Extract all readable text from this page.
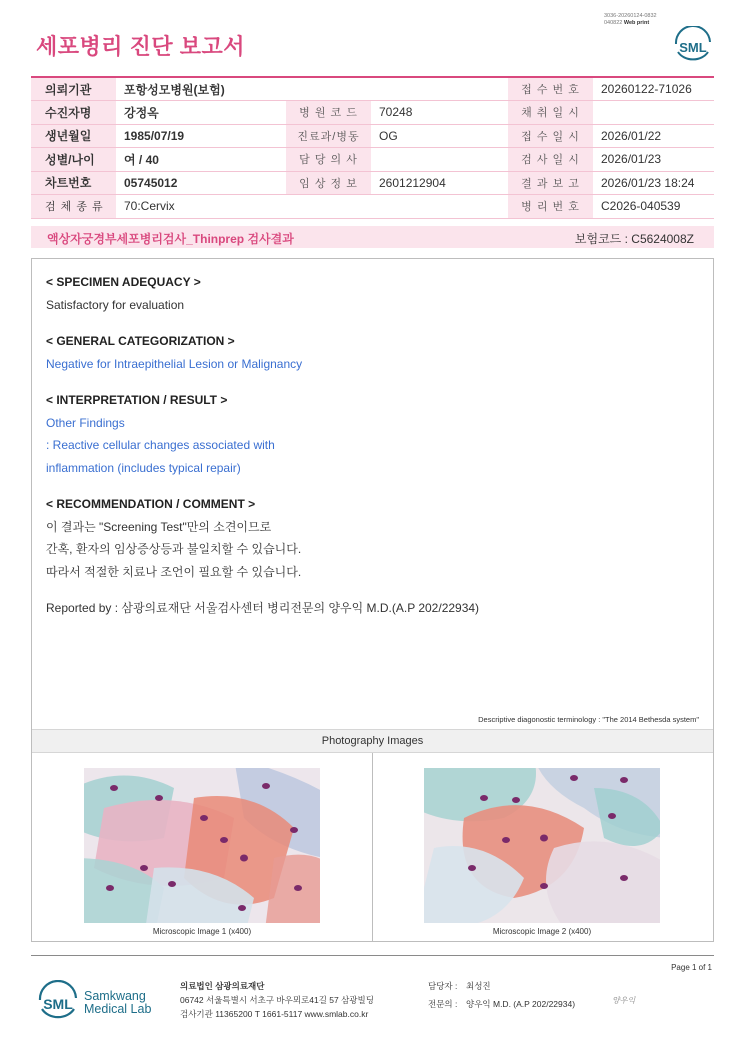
3036-20260124-0832
040822 Web print
세포병리 진단 보고서	SML
의뢰기관	포항성모병원(보험)			접 수 번 호	20260122-71026
수진자명	강정옥	병 원 코 드	70248	채 취 일 시	
생년월일	1985/07/19	진료과/병동	OG	접 수 일 시	2026/01/22
성별/나이	여 / 40	담 당 의 사		검 사 일 시	2026/01/23
차트번호	05745012	임 상 정 보	2601212904	결 과 보 고	2026/01/23 18:24
검 체 종 류	70:Cervix			병 리 번 호	C2026-040539
액상자궁경부세포병리검사_Thinprep 검사결과	보험코드 : C5624008Z
< SPECIMEN ADEQUACY >
Satisfactory for evaluation
< GENERAL CATEGORIZATION >
Negative for Intraepithelial Lesion or Malignancy
< INTERPRETATION / RESULT >
Other Findings
: Reactive cellular changes associated with
inflammation (includes typical repair)
< RECOMMENDATION / COMMENT >
이 결과는 "Screening Test"만의 소견이므로
간혹, 환자의 임상증상등과 불일치할 수 있습니다.
따라서 적절한 치료나 조언이 필요할 수 있습니다.
Reported by : 삼광의료재단 서울검사센터 병리전문의 양우익 M.D.(A.P 202/22934)
Descriptive diagonostic terminology : "The 2014 Bethesda system"
Photography Images
Microscopic Image 1 (x400)	Microscopic Image 2 (x400)
Page 1 of 1
SML Samkwang
Medical Lab
의료법인 삼광의료재단
06742 서울특별시 서초구 바우뫼로41길 57 삼광빌딩
검사기관 11365200 T 1661-5117 www.smlab.co.kr
담당자 : 최성진
전문의 : 양우익 M.D. (A.P 202/22934)	양우익
